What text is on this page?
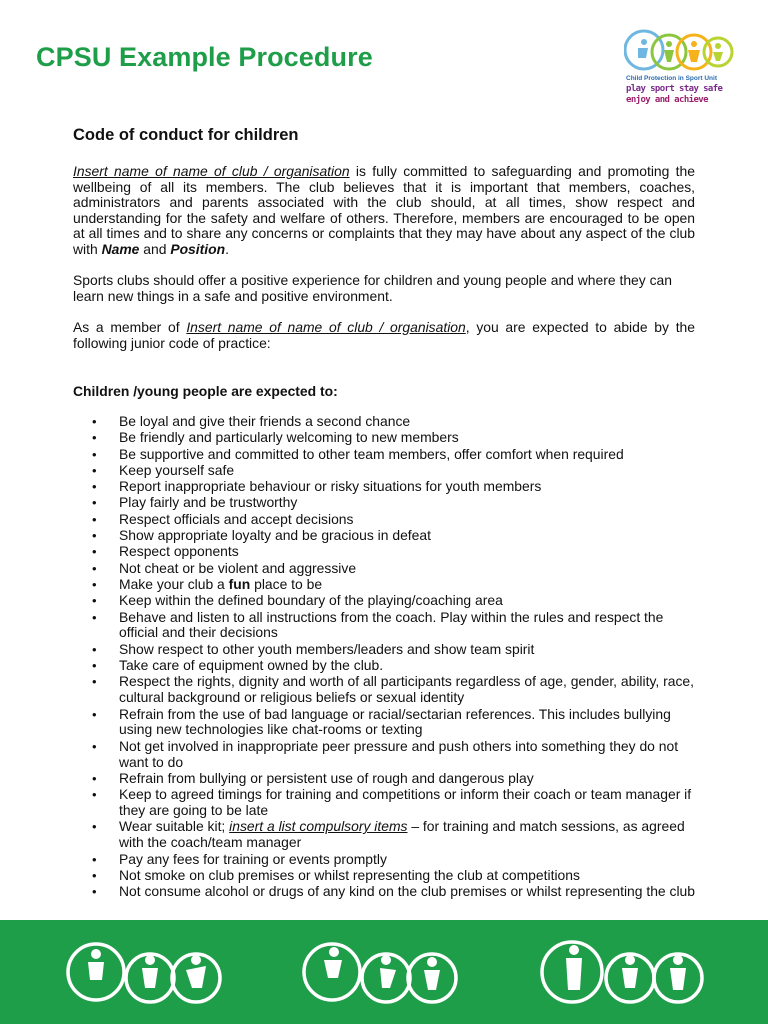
CPSU Example Procedure
Child Protection in Sport Unit
play sport stay safe
enjoy and achieve
Code of conduct for children

Insert name of name of club / organisation is fully committed to safeguarding and promoting the wellbeing of all its members. The club believes that it is important that members, coaches, administrators and parents associated with the club should, at all times, show respect and understanding for the safety and welfare of others. Therefore, members are encouraged to be open at all times and to share any concerns or complaints that they may have about any aspect of the club with Name and Position.

Sports clubs should offer a positive experience for children and young people and where they can learn new things in a safe and positive environment.

As a member of Insert name of name of club / organisation, you are expected to abide by the following junior code of practice:

Children /young people are expected to:
• Be loyal and give their friends a second chance
• Be friendly and particularly welcoming to new members
• Be supportive and committed to other team members, offer comfort when required
• Keep yourself safe
• Report inappropriate behaviour or risky situations for youth members
• Play fairly and be trustworthy
• Respect officials and accept decisions
• Show appropriate loyalty and be gracious in defeat
• Respect opponents
• Not cheat or be violent and aggressive
• Make your club a fun place to be
• Keep within the defined boundary of the playing/coaching area
• Behave and listen to all instructions from the coach. Play within the rules and respect the official and their decisions
• Show respect to other youth members/leaders and show team spirit
• Take care of equipment owned by the club.
• Respect the rights, dignity and worth of all participants regardless of age, gender, ability, race, cultural background or religious beliefs or sexual identity
• Refrain from the use of bad language or racial/sectarian references. This includes bullying using new technologies like chat-rooms or texting
• Not get involved in inappropriate peer pressure and push others into something they do not want to do
• Refrain from bullying or persistent use of rough and dangerous play
• Keep to agreed timings for training and competitions or inform their coach or team manager if they are going to be late
• Wear suitable kit; insert a list compulsory items – for training and match sessions, as agreed with the coach/team manager
• Pay any fees for training or events promptly
• Not smoke on club premises or whilst representing the club at competitions
• Not consume alcohol or drugs of any kind on the club premises or whilst representing the club
